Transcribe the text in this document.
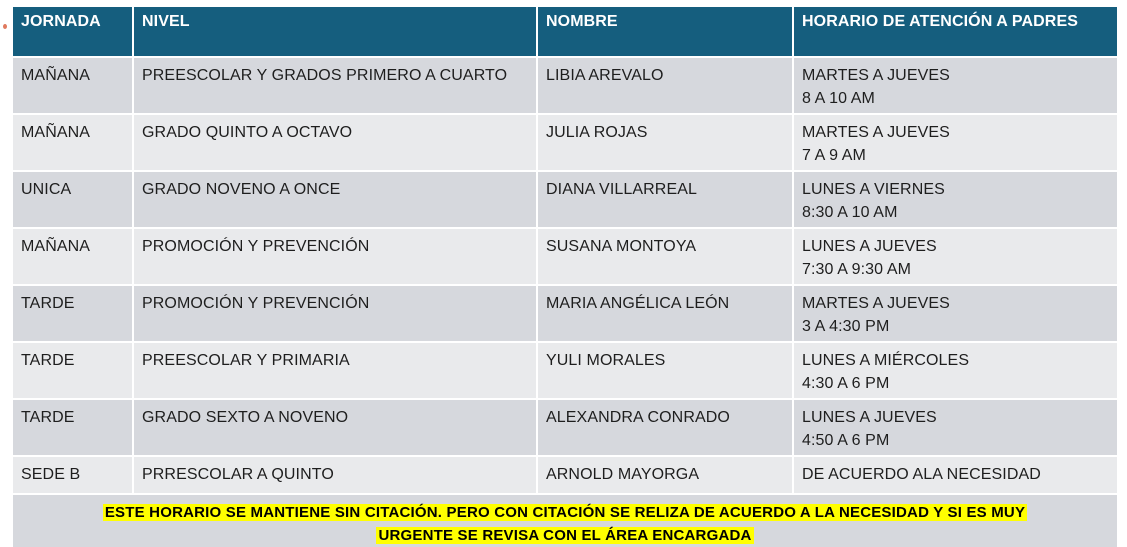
JORNADA	NIVEL	NOMBRE	HORARIO DE ATENCIÓN A PADRES
MAÑANA	PREESCOLAR Y GRADOS PRIMERO A CUARTO	LIBIA AREVALO	MARTES A JUEVES
8 A 10 AM

MAÑANA	GRADO QUINTO A OCTAVO	JULIA ROJAS	MARTES A JUEVES
7 A 9 AM

UNICA	GRADO NOVENO A ONCE	DIANA VILLARREAL	LUNES A VIERNES
8:30 A 10 AM

MAÑANA	PROMOCIÓN Y PREVENCIÓN	SUSANA MONTOYA	LUNES A JUEVES
7:30 A 9:30 AM

TARDE	PROMOCIÓN Y PREVENCIÓN	MARIA ANGÉLICA LEÓN	MARTES A JUEVES
3 A 4:30 PM

TARDE	PREESCOLAR Y PRIMARIA	YULI MORALES	LUNES A MIÉRCOLES
4:30 A 6 PM

TARDE	GRADO SEXTO A NOVENO	ALEXANDRA CONRADO	LUNES A JUEVES
4:50 A 6 PM

SEDE B	PRRESCOLAR A QUINTO	ARNOLD MAYORGA	DE ACUERDO ALA NECESIDAD
ESTE HORARIO SE MANTIENE SIN CITACIÓN. PERO CON CITACIÓN SE RELIZA DE ACUERDO A LA NECESIDAD Y SI ES MUY
URGENTE SE REVISA CON EL ÁREA ENCARGADA			
